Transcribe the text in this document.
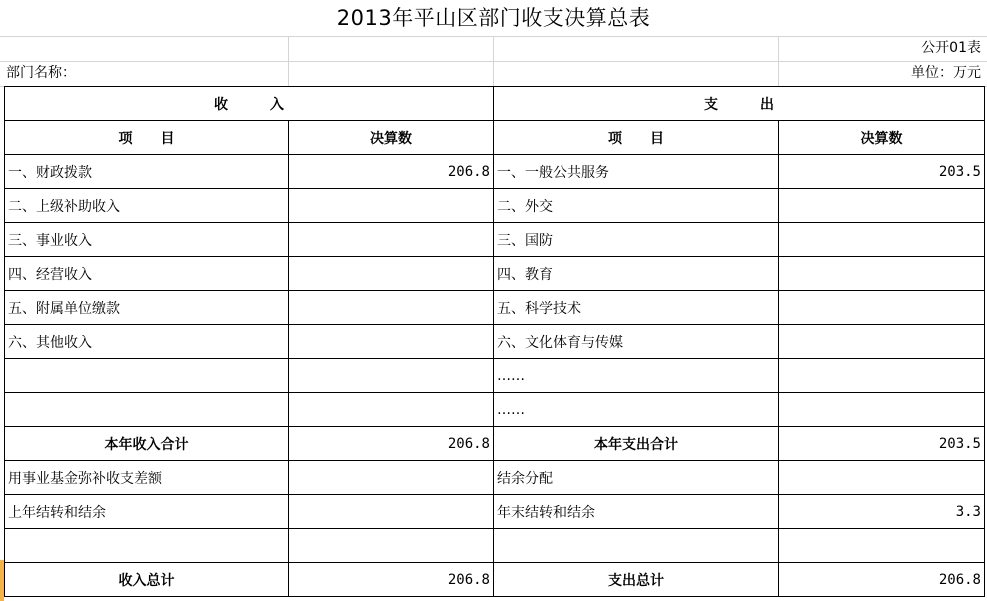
2013年平山区部门收支决算总表
公开01表
部门名称：	单位：万元
收　　　入		支　　　出	
项　　目	决算数	项　　目	决算数
一、财政拨款	206.8	一、一般公共服务	203.5
二、上级补助收入		二、外交	
三、事业收入		三、国防	
四、经营收入		四、教育	
五、附属单位缴款		五、科学技术	
六、其他收入		六、文化体育与传媒	
		……	
		……	
本年收入合计	206.8	本年支出合计	203.5
用事业基金弥补收支差额		结余分配	
上年结转和结余		年末结转和结余	3.3

收入总计	206.8	支出总计	206.8
